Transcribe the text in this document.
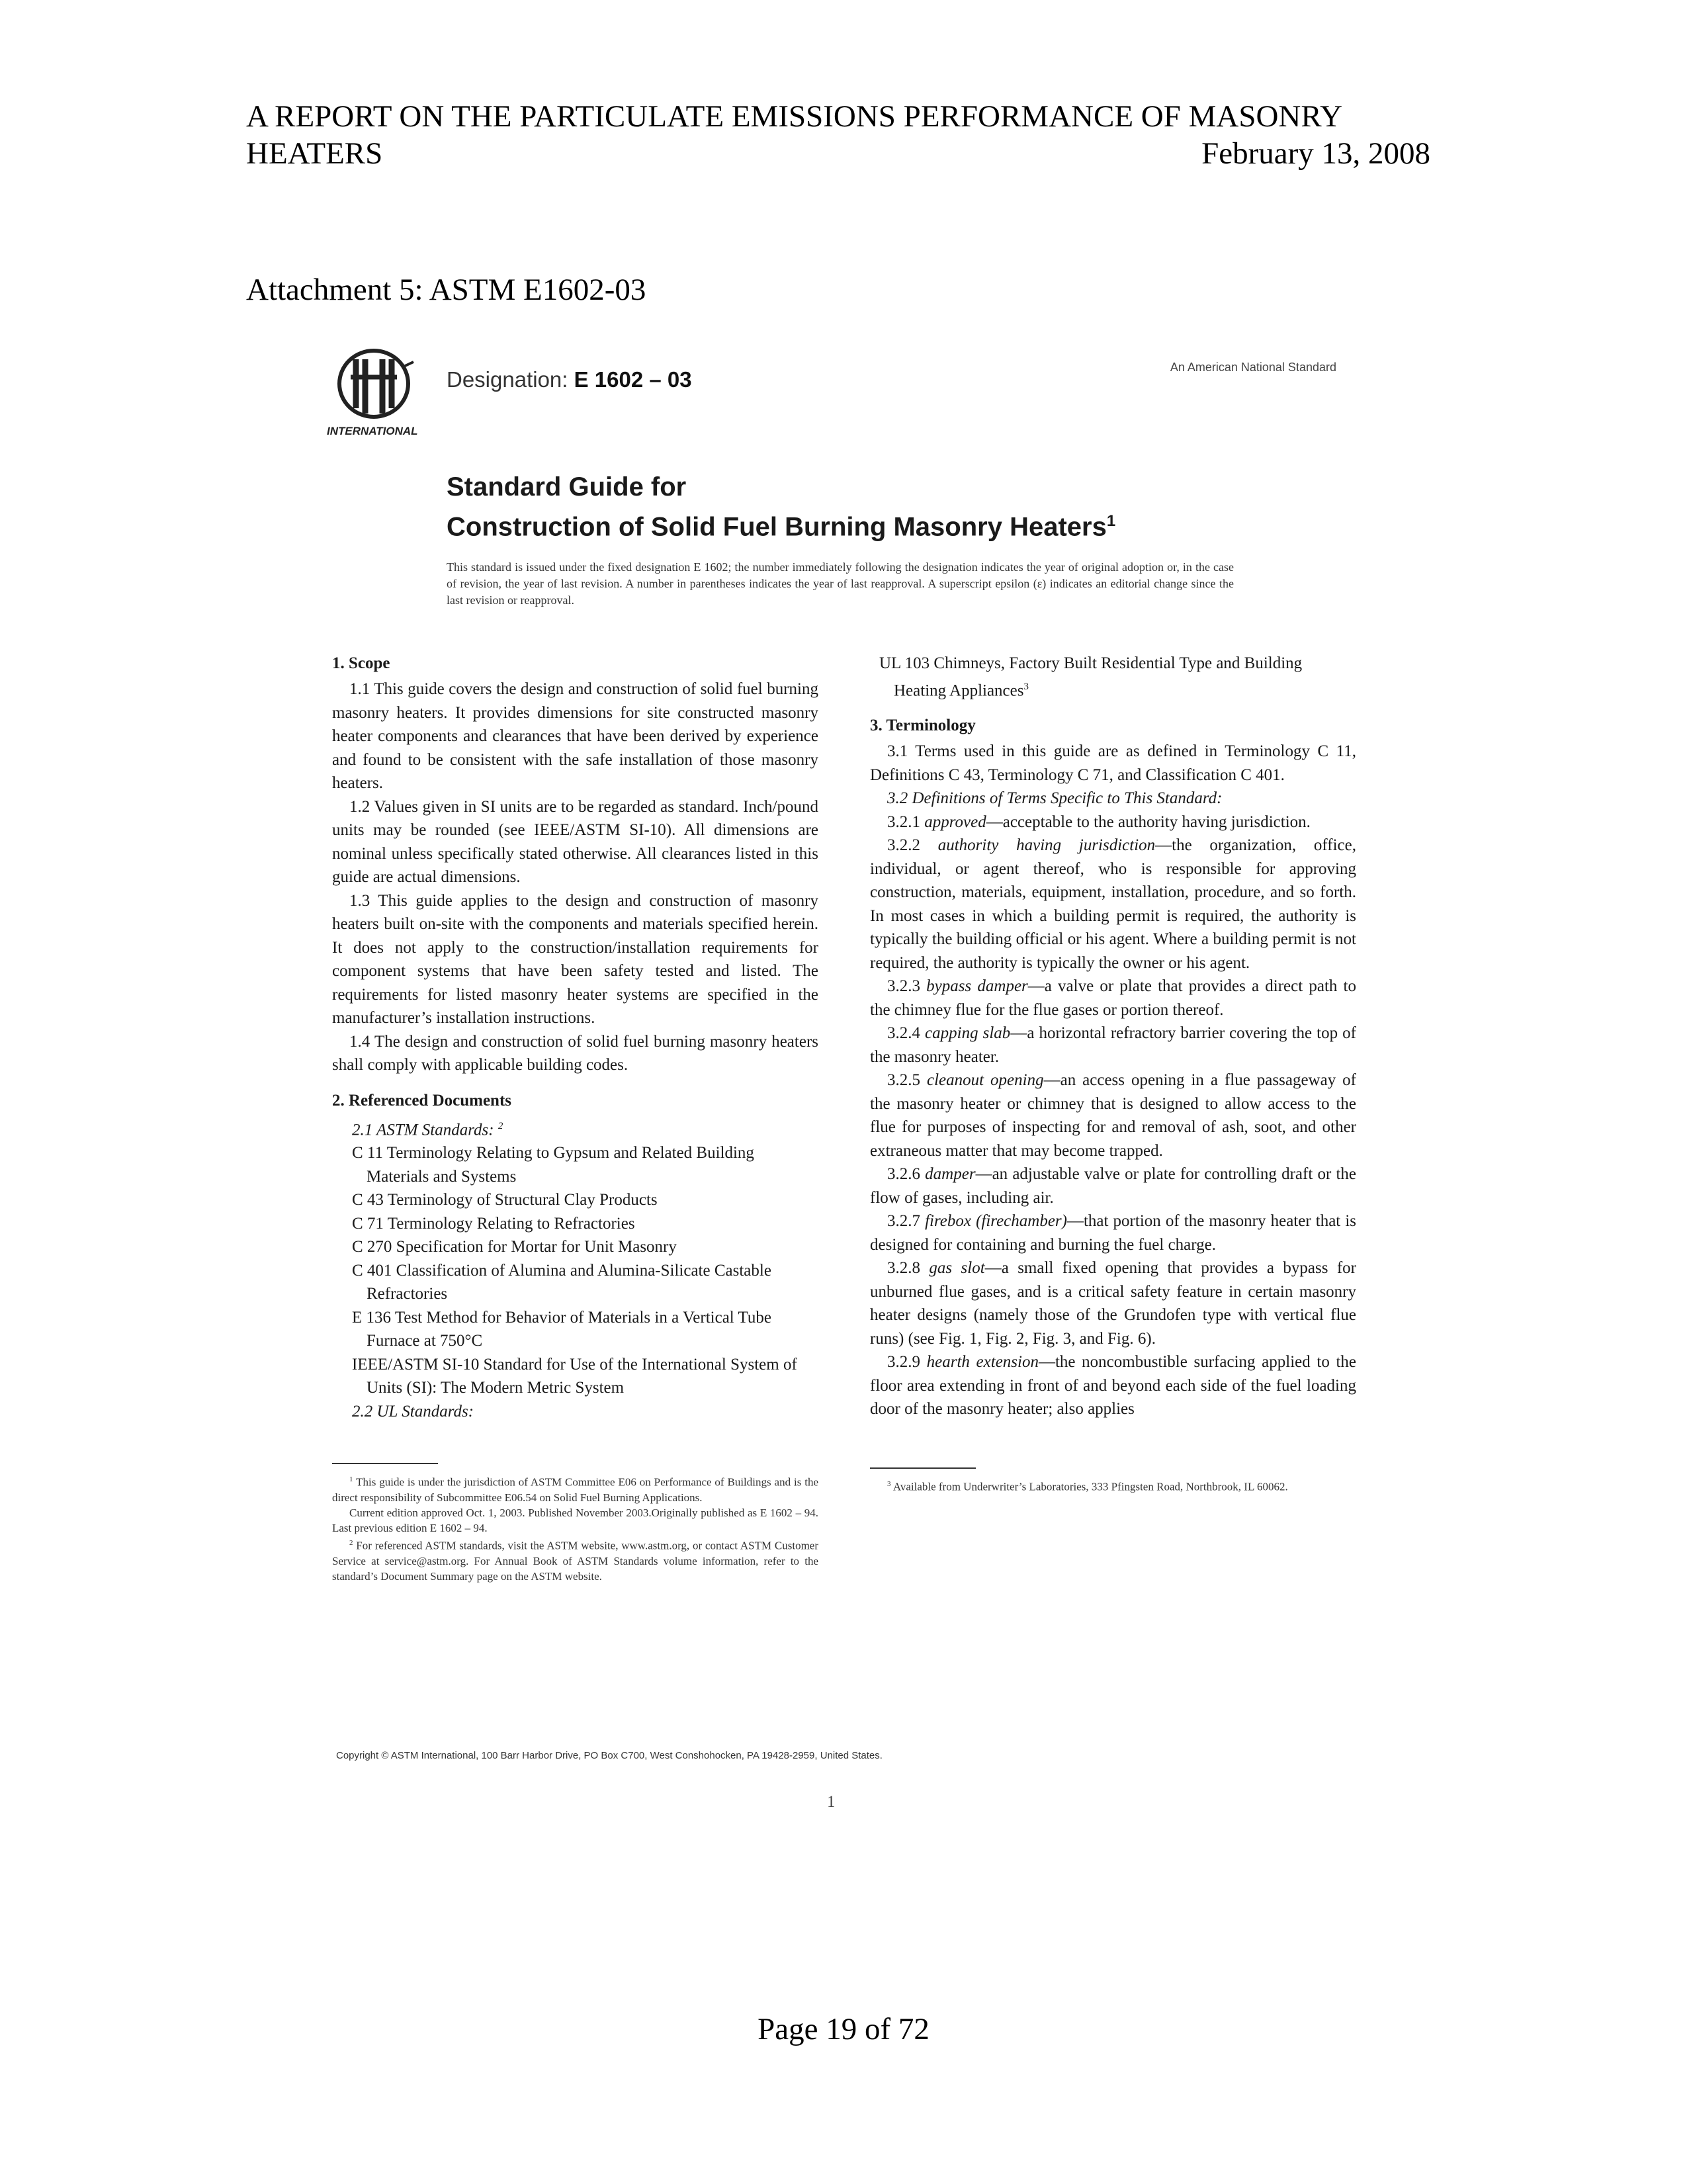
A REPORT ON THE PARTICULATE EMISSIONS PERFORMANCE OF MASONRY HEATERS	February 13, 2008
Attachment 5: ASTM E1602-03
INTERNATIONAL
Designation: E 1602 – 03	An American National Standard
Standard Guide for
Construction of Solid Fuel Burning Masonry Heaters$^1$
This standard is issued under the fixed designation E 1602; the number immediately following the designation indicates the year of original adoption or, in the case of revision, the year of last revision. A number in parentheses indicates the year of last reapproval. A superscript epsilon (ε) indicates an editorial change since the last revision or reapproval.
1. Scope

1.1 This guide covers the design and construction of solid fuel burning masonry heaters. It provides dimensions for site constructed masonry heater components and clearances that have been derived by experience and found to be consistent with the safe installation of those masonry heaters.

1.2 Values given in SI units are to be regarded as standard. Inch/pound units may be rounded (see IEEE/ASTM SI-10). All dimensions are nominal unless specifically stated otherwise. All clearances listed in this guide are actual dimensions.

1.3 This guide applies to the design and construction of masonry heaters built on-site with the components and materials specified herein. It does not apply to the construction/installation requirements for component systems that have been safety tested and listed. The requirements for listed masonry heater systems are specified in the manufacturer’s installation instructions.

1.4 The design and construction of solid fuel burning masonry heaters shall comply with applicable building codes.

2. Referenced Documents

2.1 ASTM Standards: $^2$

C 11 Terminology Relating to Gypsum and Related Building Materials and Systems
C 43 Terminology of Structural Clay Products
C 71 Terminology Relating to Refractories
C 270 Specification for Mortar for Unit Masonry
C 401 Classification of Alumina and Alumina-Silicate Castable Refractories
E 136 Test Method for Behavior of Materials in a Vertical Tube Furnace at 750°C
IEEE/ASTM SI-10 Standard for Use of the International System of Units (SI): The Modern Metric System

2.2 UL Standards:

$^1$ This guide is under the jurisdiction of ASTM Committee E06 on Performance of Buildings and is the direct responsibility of Subcommittee E06.54 on Solid Fuel Burning Applications.

Current edition approved Oct. 1, 2003. Published November 2003.Originally published as E 1602 – 94. Last previous edition E 1602 – 94.

$^2$ For referenced ASTM standards, visit the ASTM website, www.astm.org, or contact ASTM Customer Service at service@astm.org. For Annual Book of ASTM Standards volume information, refer to the standard’s Document Summary page on the ASTM website.

UL 103 Chimneys, Factory Built Residential Type and Building Heating Appliances$^3$
3. Terminology

3.1 Terms used in this guide are as defined in Terminology C 11, Definitions C 43, Terminology C 71, and Classification C 401.

3.2 Definitions of Terms Specific to This Standard:

3.2.1 approved—acceptable to the authority having jurisdiction.

3.2.2 authority having jurisdiction—the organization, office, individual, or agent thereof, who is responsible for approving construction, materials, equipment, installation, procedure, and so forth. In most cases in which a building permit is required, the authority is typically the building official or his agent. Where a building permit is not required, the authority is typically the owner or his agent.

3.2.3 bypass damper—a valve or plate that provides a direct path to the chimney flue for the flue gases or portion thereof.

3.2.4 capping slab—a horizontal refractory barrier covering the top of the masonry heater.

3.2.5 cleanout opening—an access opening in a flue passageway of the masonry heater or chimney that is designed to allow access to the flue for purposes of inspecting for and removal of ash, soot, and other extraneous matter that may become trapped.

3.2.6 damper—an adjustable valve or plate for controlling draft or the flow of gases, including air.

3.2.7 firebox (firechamber)—that portion of the masonry heater that is designed for containing and burning the fuel charge.

3.2.8 gas slot—a small fixed opening that provides a bypass for unburned flue gases, and is a critical safety feature in certain masonry heater designs (namely those of the Grundofen type with vertical flue runs) (see Fig. 1, Fig. 2, Fig. 3, and Fig. 6).

3.2.9 hearth extension—the noncombustible surfacing applied to the floor area extending in front of and beyond each side of the fuel loading door of the masonry heater; also applies

$^3$ Available from Underwriter’s Laboratories, 333 Pfingsten Road, Northbrook, IL 60062.

Copyright © ASTM International, 100 Barr Harbor Drive, PO Box C700, West Conshohocken, PA 19428-2959, United States.
1
Page 19 of 72
